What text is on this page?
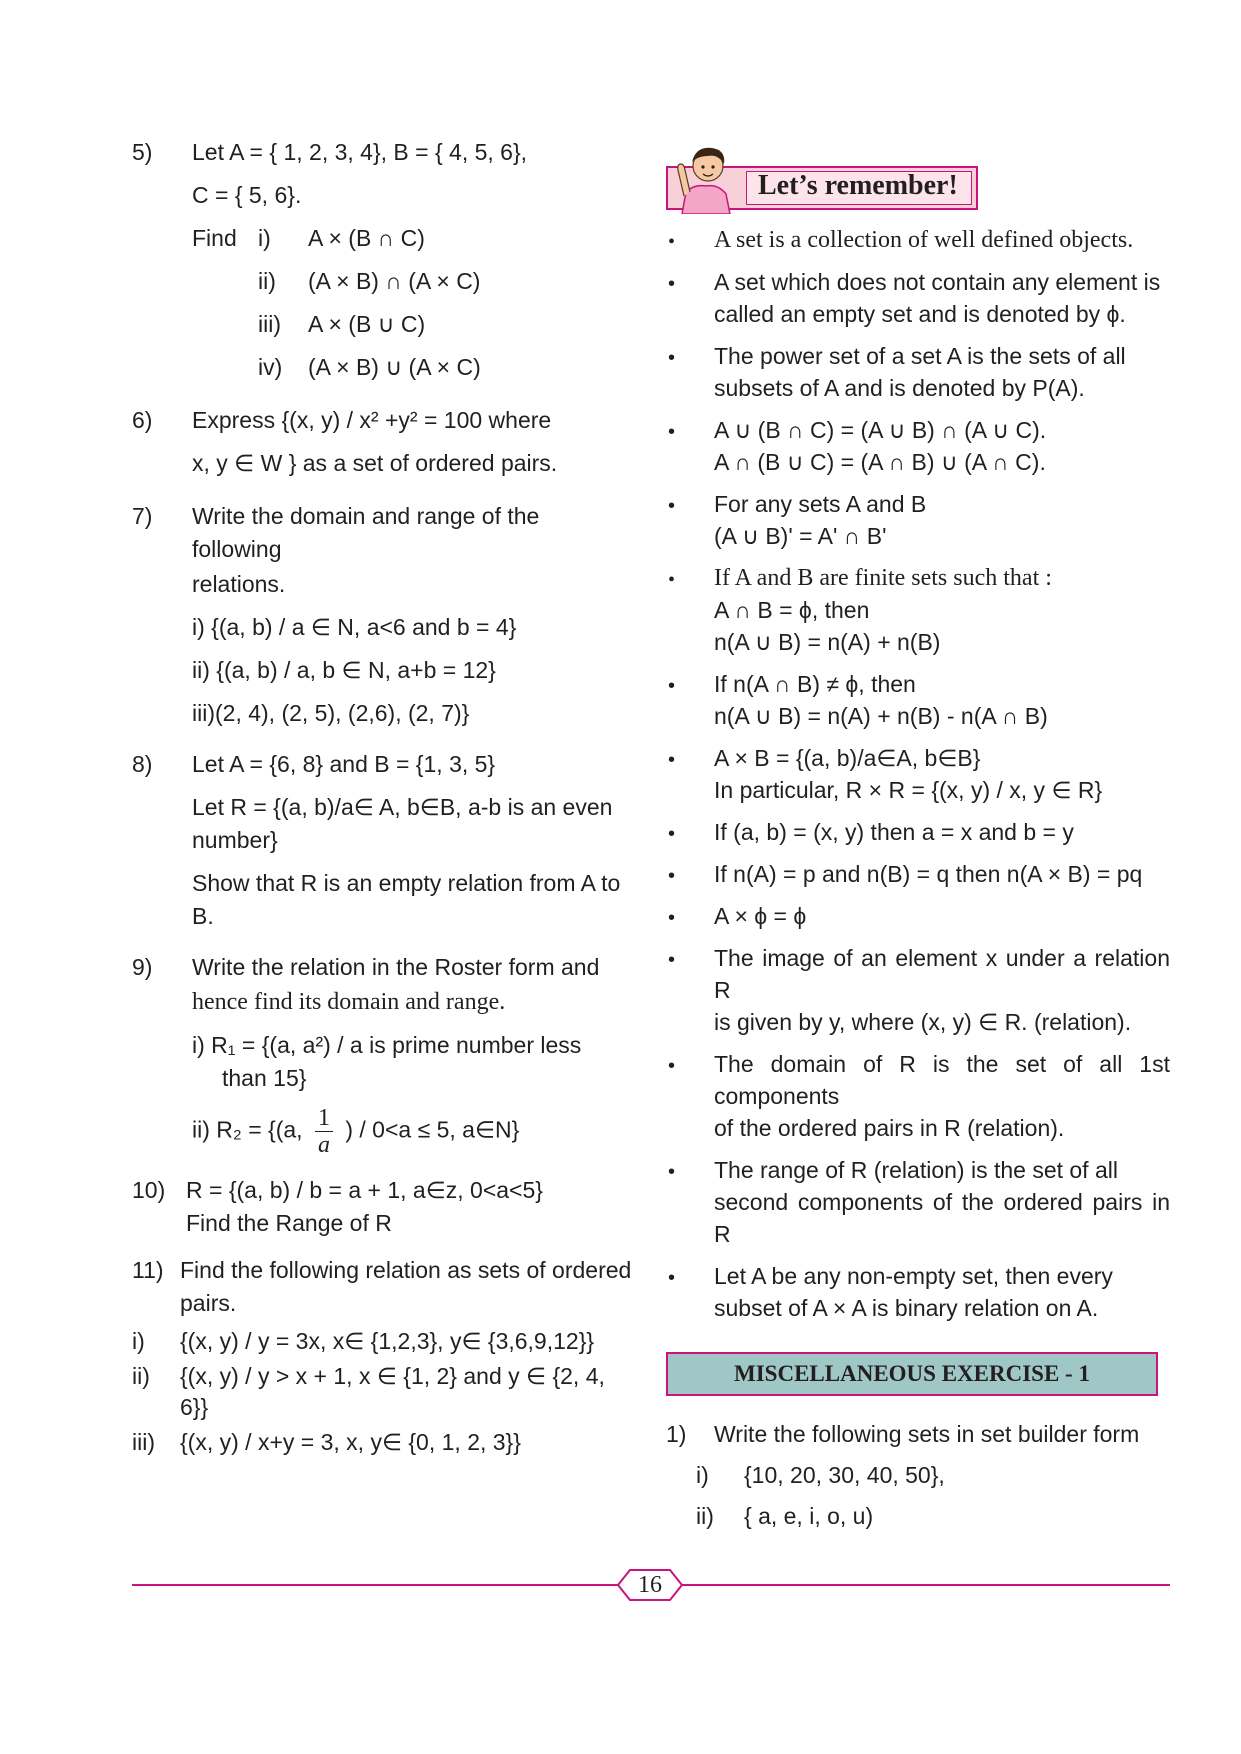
5) Let A = { 1, 2, 3, 4}, B = { 4, 5, 6},

C = { 5, 6}.

Find i)	A × (B ∩ C)
ii)	(A × B) ∩ (A × C)
iii)	A × (B ∪ C)
iv)	(A × B) ∪ (A × C)
6) Express {(x, y) / x² +y² = 100 where

x, y ∈ W } as a set of ordered pairs.

7) Write the domain and range of the following

relations.

i) {(a, b) / a ∈ N, a<6 and b = 4}

ii) {(a, b) / a, b ∈ N, a+b = 12}

iii)(2, 4), (2, 5), (2,6), (2, 7)}

8) Let A = {6, 8} and B = {1, 3, 5}

Let R = {(a, b)/a∈ A, b∈B, a-b is an even

number}

Show that R is an empty relation from A to

B.

9) Write the relation in the Roster form and

hence find its domain and range.

i) R₁ = {(a, a²) / a is prime number less

than 15}

ii) R₂ = {(a, $\frac{1}{a}$ ) / 0<a ≤ 5, a∈N}

10) R = {(a, b) / b = a + 1, a∈z, 0<a<5}

Find the Range of R

11) Find the following relation as sets of ordered

pairs.

i)	{(x, y) / y = 3x, x∈ {1,2,3}, y∈ {3,6,9,12}}
ii)	{(x, y) / y > x + 1, x ∈ {1, 2} and y ∈ {2, 4,
6}}
iii)	{(x, y) / x+y = 3, x, y∈ {0, 1, 2, 3}}
Let’s remember!
• A set is a collection of well defined objects.
• A set which does not contain any element is
called an empty set and is denoted by ϕ.
• The power set of a set A is the sets of all
subsets of A and is denoted by P(A).
• A ∪ (B ∩ C) = (A ∪ B) ∩ (A ∪ C).
A ∩ (B ∪ C) = (A ∩ B) ∪ (A ∩ C).
• For any sets A and B
(A ∪ B)' = A' ∩ B'
• If A and B are finite sets such that :
A ∩ B = ϕ, then
n(A ∪ B) = n(A) + n(B)
• If n(A ∩ B) ≠ ϕ, then
n(A ∪ B) = n(A) + n(B) - n(A ∩ B)
• A × B = {(a, b)/a∈A, b∈B}
In particular, R × R = {(x, y) / x, y ∈ R}
• If (a, b) = (x, y) then a = x and b = y
• If n(A) = p and n(B) = q then n(A × B) = pq
• A × ϕ = ϕ
• The image of an element x under a relation R
is given by y, where (x, y) ∈ R. (relation).
• The domain of R is the set of all 1st components
of the ordered pairs in R (relation).
• The range of R (relation) is the set of all
second components of the ordered pairs in R
• Let A be any non-empty set, then every
subset of A × A is binary relation on A.
MISCELLANEOUS EXERCISE - 1
1)	Write the following sets in set builder form
i)	{10, 20, 30, 40, 50},
ii)	{ a, e, i, o, u)
16
